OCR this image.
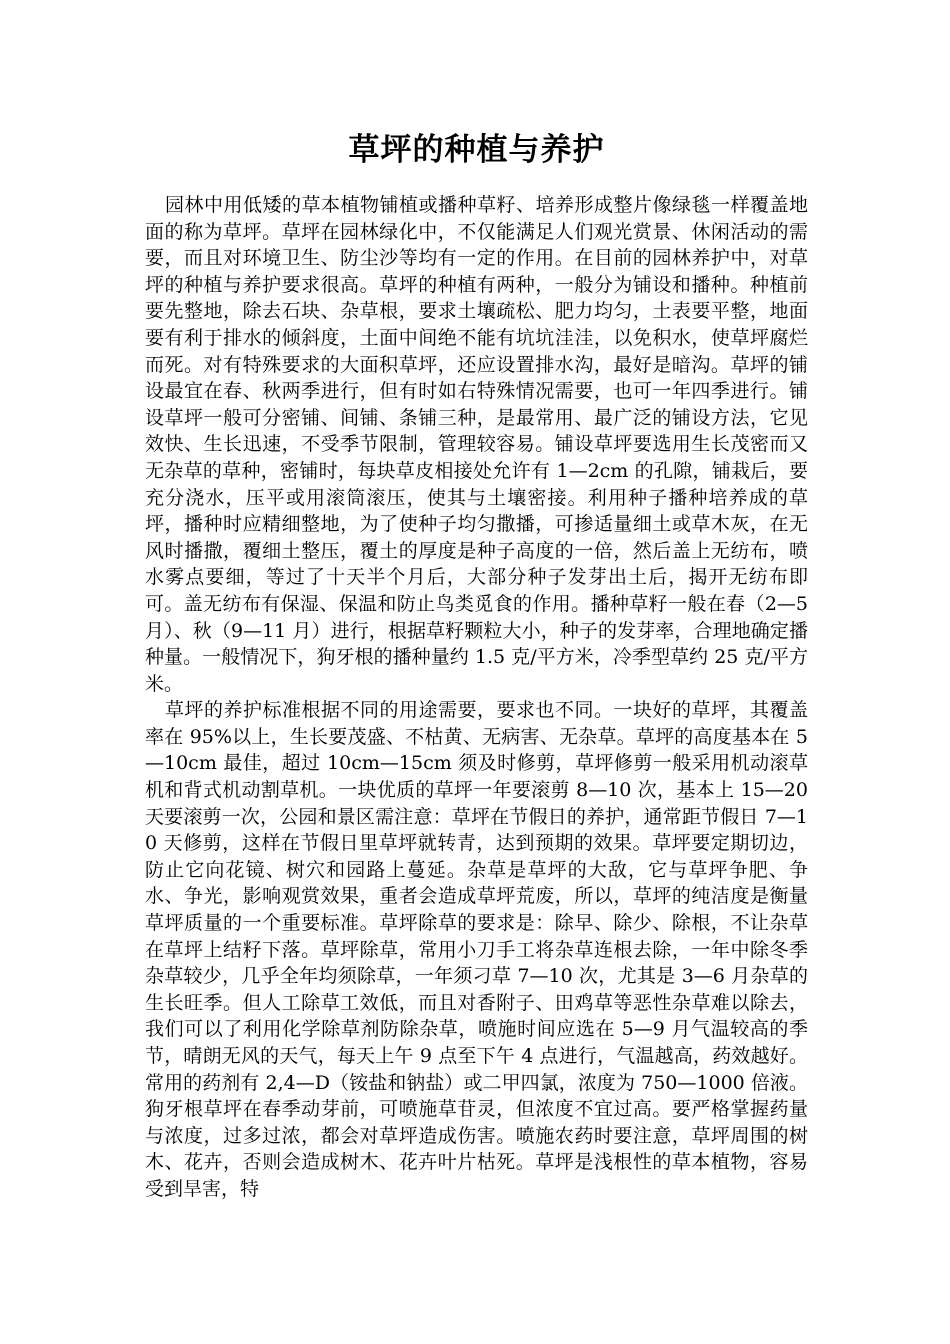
草坪的种植与养护

园林中用低矮的草本植物铺植或播种草籽、培养形成整片像绿毯一样覆盖地面的称为草坪。草坪在园林绿化中，不仅能满足人们观光赏景、休闲活动的需要，而且对环境卫生、防尘沙等均有一定的作用。在目前的园林养护中，对草坪的种植与养护要求很高。草坪的种植有两种，一般分为铺设和播种。种植前要先整地，除去石块、杂草根，要求土壤疏松、肥力均匀，土表要平整，地面要有利于排水的倾斜度，土面中间绝不能有坑坑洼洼，以免积水，使草坪腐烂而死。对有特殊要求的大面积草坪，还应设置排水沟，最好是暗沟。草坪的铺设最宜在春、秋两季进行，但有时如右特殊情况需要，也可一年四季进行。铺设草坪一般可分密铺、间铺、条铺三种，是最常用、最广泛的铺设方法，它见效快、生长迅速，不受季节限制，管理较容易。铺设草坪要选用生长茂密而又无杂草的草种，密铺时，每块草皮相接处允许有 1—2cm 的孔隙，铺栽后，要充分浇水，压平或用滚筒滚压，使其与土壤密接。利用种子播种培养成的草坪，播种时应精细整地，为了使种子均匀撒播，可掺适量细土或草木灰，在无风时播撒，覆细土整压，覆土的厚度是种子高度的一倍，然后盖上无纺布，喷水雾点要细，等过了十天半个月后，大部分种子发芽出土后，揭开无纺布即可。盖无纺布有保湿、保温和防止鸟类觅食的作用。播种草籽一般在春（2—5 月）、秋（9—11 月）进行，根据草籽颗粒大小，种子的发芽率，合理地确定播种量。一般情况下，狗牙根的播种量约 1.5 克/平方米，冷季型草约 25 克/平方米。

草坪的养护标准根据不同的用途需要，要求也不同。一块好的草坪，其覆盖率在 95%以上，生长要茂盛、不枯黄、无病害、无杂草。草坪的高度基本在 5—10cm 最佳，超过 10cm—15cm 须及时修剪，草坪修剪一般采用机动滚草机和背式机动割草机。一块优质的草坪一年要滚剪 8—10 次，基本上 15—20 天要滚剪一次，公园和景区需注意：草坪在节假日的养护，通常距节假日 7—10 天修剪，这样在节假日里草坪就转青，达到预期的效果。草坪要定期切边，防止它向花镜、树穴和园路上蔓延。杂草是草坪的大敌，它与草坪争肥、争水、争光，影响观赏效果，重者会造成草坪荒废，所以，草坪的纯洁度是衡量草坪质量的一个重要标准。草坪除草的要求是：除早、除少、除根，不让杂草在草坪上结籽下落。草坪除草，常用小刀手工将杂草连根去除，一年中除冬季杂草较少，几乎全年均须除草，一年须刁草 7—10 次，尤其是 3—6 月杂草的生长旺季。但人工除草工效低，而且对香附子、田鸡草等恶性杂草难以除去，我们可以了利用化学除草剂防除杂草，喷施时间应选在 5—9 月气温较高的季节，晴朗无风的天气，每天上午 9 点至下午 4 点进行，气温越高，药效越好。常用的药剂有 2,4—D（铵盐和钠盐）或二甲四氯，浓度为 750—1000 倍液。狗牙根草坪在春季动芽前，可喷施草苷灵，但浓度不宜过高。要严格掌握药量与浓度，过多过浓，都会对草坪造成伤害。喷施农药时要注意，草坪周围的树木、花卉，否则会造成树木、花卉叶片枯死。草坪是浅根性的草本植物，容易受到旱害，特
